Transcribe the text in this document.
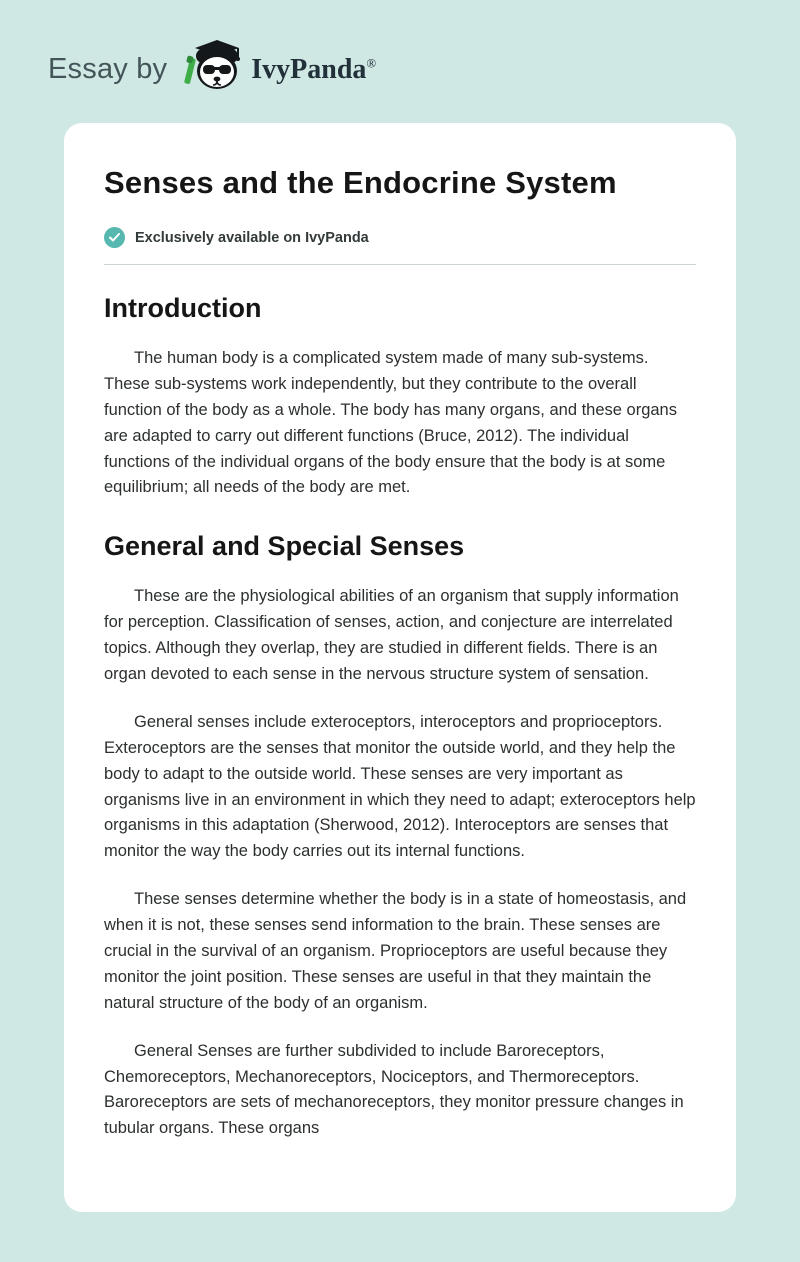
Essay by	IvyPanda®
Senses and the Endocrine System
Exclusively available on IvyPanda
Introduction

The human body is a complicated system made of many sub-systems. These sub-systems work independently, but they contribute to the overall function of the body as a whole. The body has many organs, and these organs are adapted to carry out different functions (Bruce, 2012). The individual functions of the individual organs of the body ensure that the body is at some equilibrium; all needs of the body are met.

General and Special Senses

These are the physiological abilities of an organism that supply information for perception. Classification of senses, action, and conjecture are interrelated topics. Although they overlap, they are studied in different fields. There is an organ devoted to each sense in the nervous structure system of sensation.

General senses include exteroceptors, interoceptors and proprioceptors. Exteroceptors are the senses that monitor the outside world, and they help the body to adapt to the outside world. These senses are very important as organisms live in an environment in which they need to adapt; exteroceptors help organisms in this adaptation (Sherwood, 2012). Interoceptors are senses that monitor the way the body carries out its internal functions.

These senses determine whether the body is in a state of homeostasis, and when it is not, these senses send information to the brain. These senses are crucial in the survival of an organism. Proprioceptors are useful because they monitor the joint position. These senses are useful in that they maintain the natural structure of the body of an organism.

General Senses are further subdivided to include Baroreceptors, Chemoreceptors, Mechanoreceptors, Nociceptors, and Thermoreceptors. Baroreceptors are sets of mechanoreceptors, they monitor pressure changes in tubular organs. These organs
